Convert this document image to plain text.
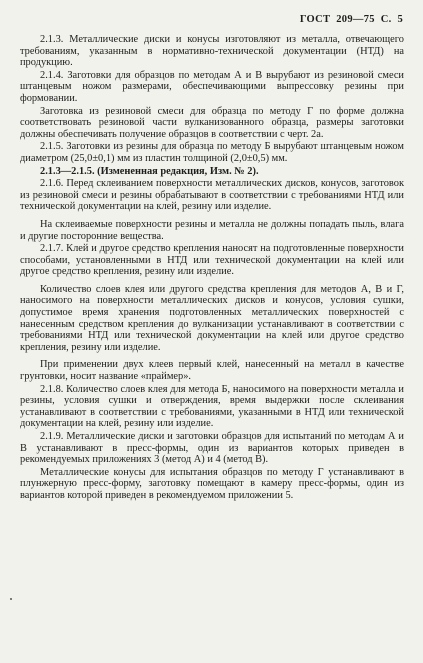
ГОСТ 209—75 С. 5

2.1.3. Металлические диски и конусы изготовляют из металла, отвечающего требованиям, указанным в нормативно-технической документации (НТД) на продукцию.

2.1.4. Заготовки для образцов по методам А и В вырубают из резиновой смеси штанцевым ножом размерами, обеспечивающими выпрессовку резины при формовании.

Заготовка из резиновой смеси для образца по методу Г по форме должна соответствовать резиновой части вулканизованного образца, размеры заготовки должны обеспечивать получение образцов в соответствии с черт. 2а.

2.1.5. Заготовки из резины для образца по методу Б вырубают штанцевым ножом диаметром (25,0±0,1) мм из пластин толщиной (2,0±0,5) мм.

2.1.3—2.1.5. (Измененная редакция, Изм. № 2).

2.1.6. Перед склеиванием поверхности металлических дисков, конусов, заготовок из резиновой смеси и резины обрабатывают в соответствии с требованиями НТД или технической документации на клей, резину или изделие.

На склеиваемые поверхности резины и металла не должны попадать пыль, влага и другие посторонние вещества.

2.1.7. Клей и другое средство крепления наносят на подготовленные поверхности способами, установленными в НТД или технической документации на клей или другое средство крепления, резину или изделие.

Количество слоев клея или другого средства крепления для методов А, В и Г, наносимого на поверхности металлических дисков и конусов, условия сушки, допустимое время хранения подготовленных металлических поверхностей с нанесенным средством крепления до вулканизации устанавливают в соответствии с требованиями НТД или технической документации на клей или другое средство крепления, резину или изделие.

При применении двух клеев первый клей, нанесенный на металл в качестве грунтовки, носит название «праймер».

2.1.8. Количество слоев клея для метода Б, наносимого на поверхности металла и резины, условия сушки и отверждения, время выдержки после склеивания устанавливают в соответствии с требованиями, указанными в НТД или технической документации на клей, резину или изделие.

2.1.9. Металлические диски и заготовки образцов для испытаний по методам А и В устанавливают в пресс-формы, один из вариантов которых приведен в рекомендуемых приложениях 3 (метод А) и 4 (метод В).

Металлические конусы для испытания образцов по методу Г устанавливают в плунжерную пресс-форму, заготовку помещают в камеру пресс-формы, один из вариантов которой приведен в рекомендуемом приложении 5.
